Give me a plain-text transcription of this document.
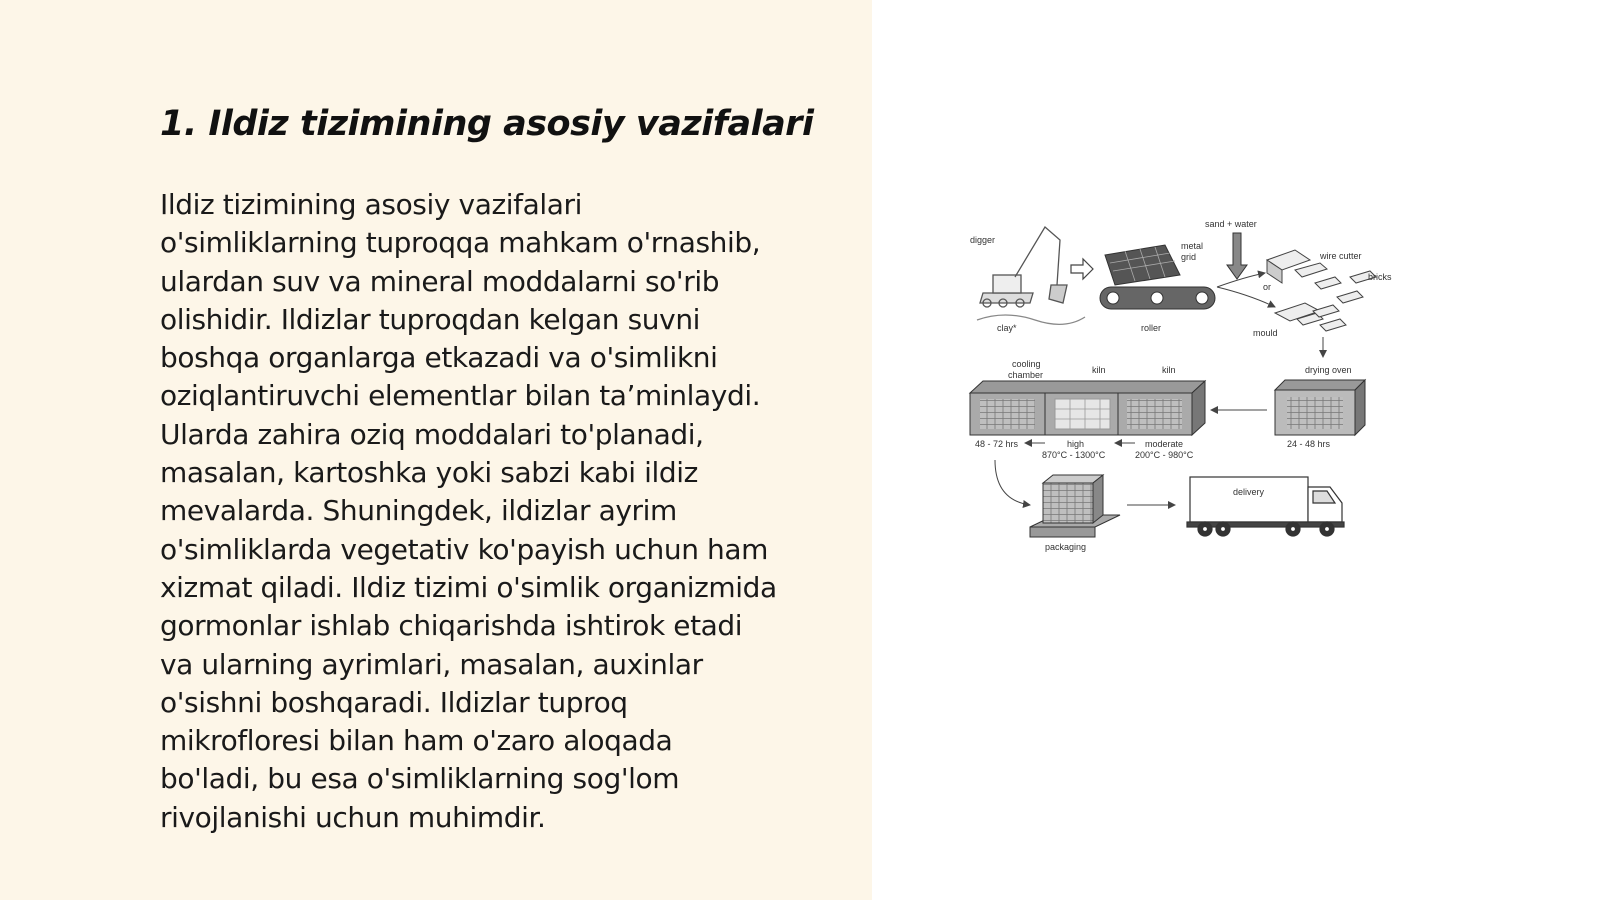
1. Ildiz tizimining asosiy vazifalari

Ildiz tizimining asosiy vazifalari
o'simliklarning tuproqqa mahkam o'rnashib,
ulardan suv va mineral moddalarni so'rib
olishidir. Ildizlar tuproqdan kelgan suvni
boshqa organlarga etkazadi va o'simlikni
oziqlantiruvchi elementlar bilan ta’minlaydi.
Ularda zahira oziq moddalari to'planadi,
masalan, kartoshka yoki sabzi kabi ildiz
mevalarda. Shuningdek, ildizlar ayrim
o'simliklarda vegetativ ko'payish uchun ham
xizmat qiladi. Ildiz tizimi o'simlik organizmida
gormonlar ishlab chiqarishda ishtirok etadi
va ularning ayrimlari, masalan, auxinlar
o'sishni boshqaradi. Ildizlar tuproq
mikrofloresi bilan ham o'zaro aloqada
bo'ladi, bu esa o'simliklarning sog'lom
rivojlanishi uchun muhimdir.

digger
clay*
metal
grid
roller
sand + water
or
wire cutter
bricks
mould
drying oven
24 - 48 hrs
cooling
chamber	kiln	kiln
48 - 72 hrs	high
870°C - 1300°C
moderate
200°C - 980°C
packaging
delivery
